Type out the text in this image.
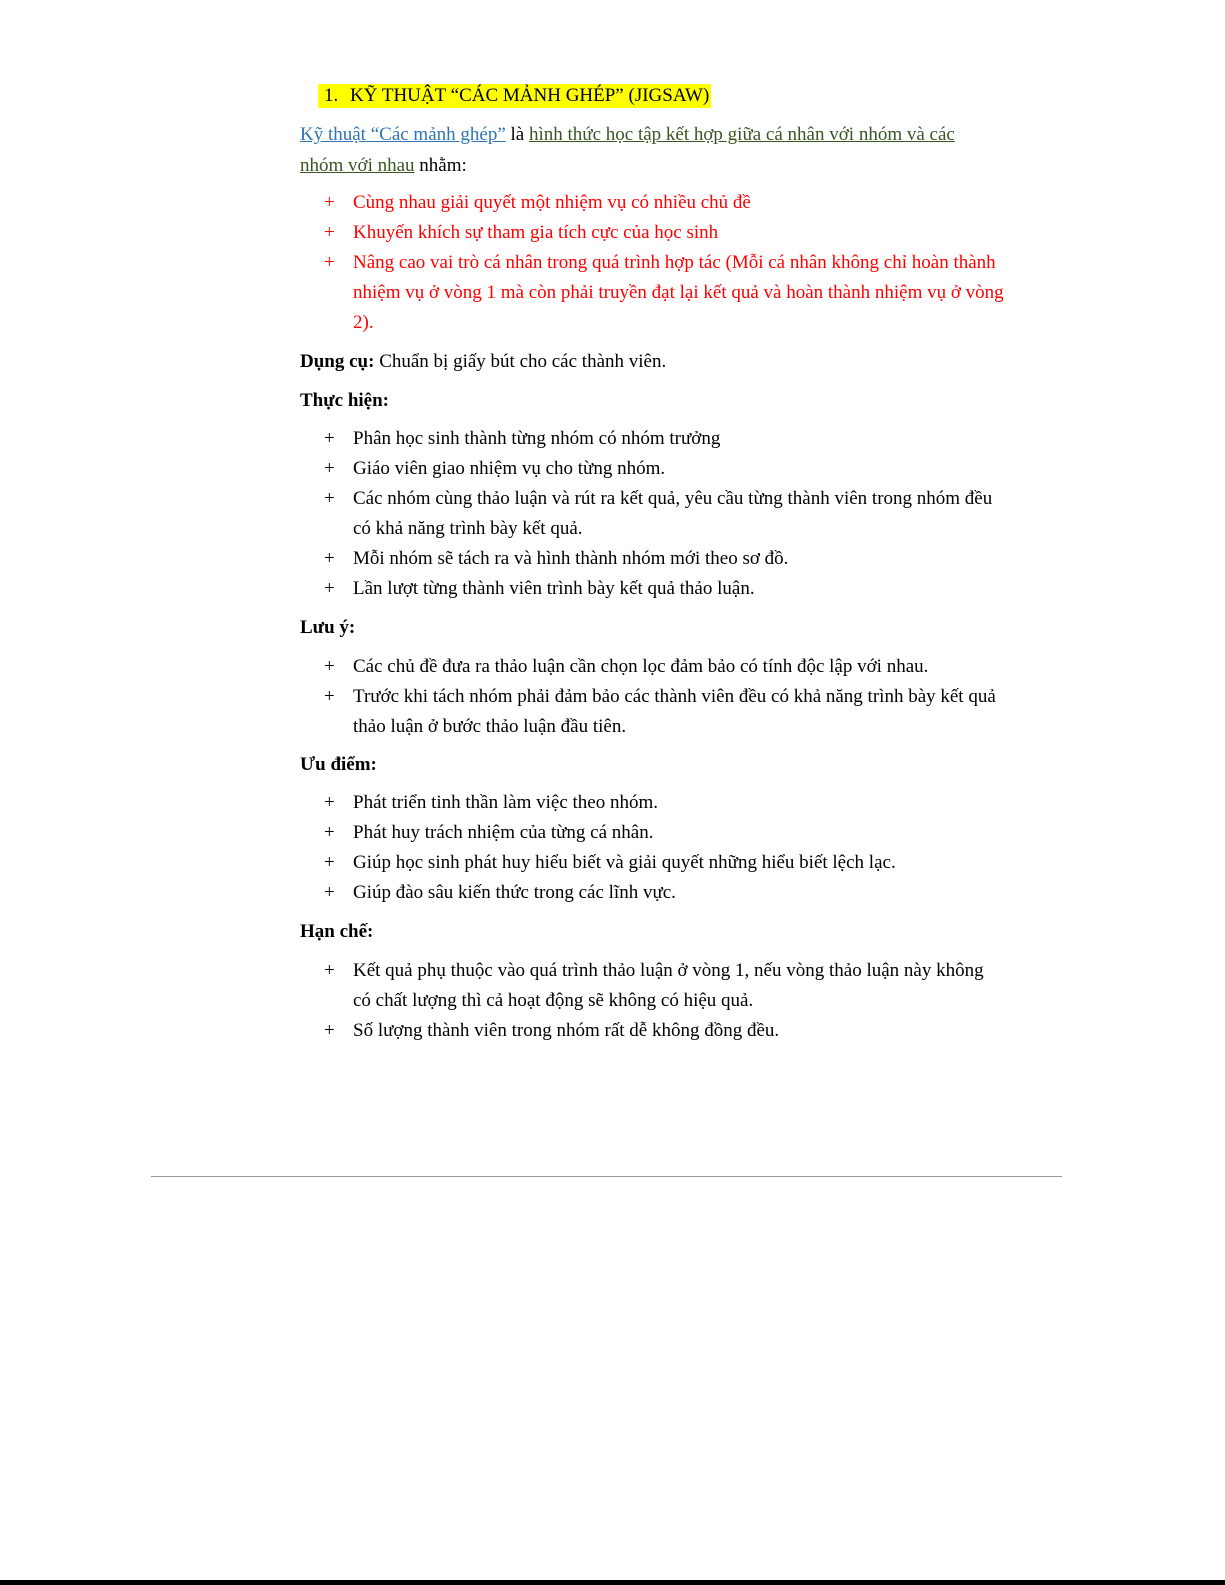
1. KỸ THUẬT “CÁC MẢNH GHÉP” (JIGSAW)
Kỹ thuật “Các mảnh ghép” là hình thức học tập kết hợp giữa cá nhân với nhóm và các nhóm với nhau nhằm:
+ Cùng nhau giải quyết một nhiệm vụ có nhiều chủ đề
+ Khuyến khích sự tham gia tích cực của học sinh
+ Nâng cao vai trò cá nhân trong quá trình hợp tác (Mỗi cá nhân không chỉ hoàn thành nhiệm vụ ở vòng 1 mà còn phải truyền đạt lại kết quả và hoàn thành nhiệm vụ ở vòng 2).
Dụng cụ: Chuẩn bị giấy bút cho các thành viên.
Thực hiện:
+ Phân học sinh thành từng nhóm có nhóm trưởng
+ Giáo viên giao nhiệm vụ cho từng nhóm.
+ Các nhóm cùng thảo luận và rút ra kết quả, yêu cầu từng thành viên trong nhóm đều có khả năng trình bày kết quả.
+ Mỗi nhóm sẽ tách ra và hình thành nhóm mới theo sơ đồ.
+ Lần lượt từng thành viên trình bày kết quả thảo luận.
Lưu ý:
+ Các chủ đề đưa ra thảo luận cần chọn lọc đảm bảo có tính độc lập với nhau.
+ Trước khi tách nhóm phải đảm bảo các thành viên đều có khả năng trình bày kết quả thảo luận ở bước thảo luận đầu tiên.
Ưu điểm:
+ Phát triển tinh thần làm việc theo nhóm.
+ Phát huy trách nhiệm của từng cá nhân.
+ Giúp học sinh phát huy hiểu biết và giải quyết những hiểu biết lệch lạc.
+ Giúp đào sâu kiến thức trong các lĩnh vực.
Hạn chế:
+ Kết quả phụ thuộc vào quá trình thảo luận ở vòng 1, nếu vòng thảo luận này không có chất lượng thì cả hoạt động sẽ không có hiệu quả.
+ Số lượng thành viên trong nhóm rất dễ không đồng đều.
